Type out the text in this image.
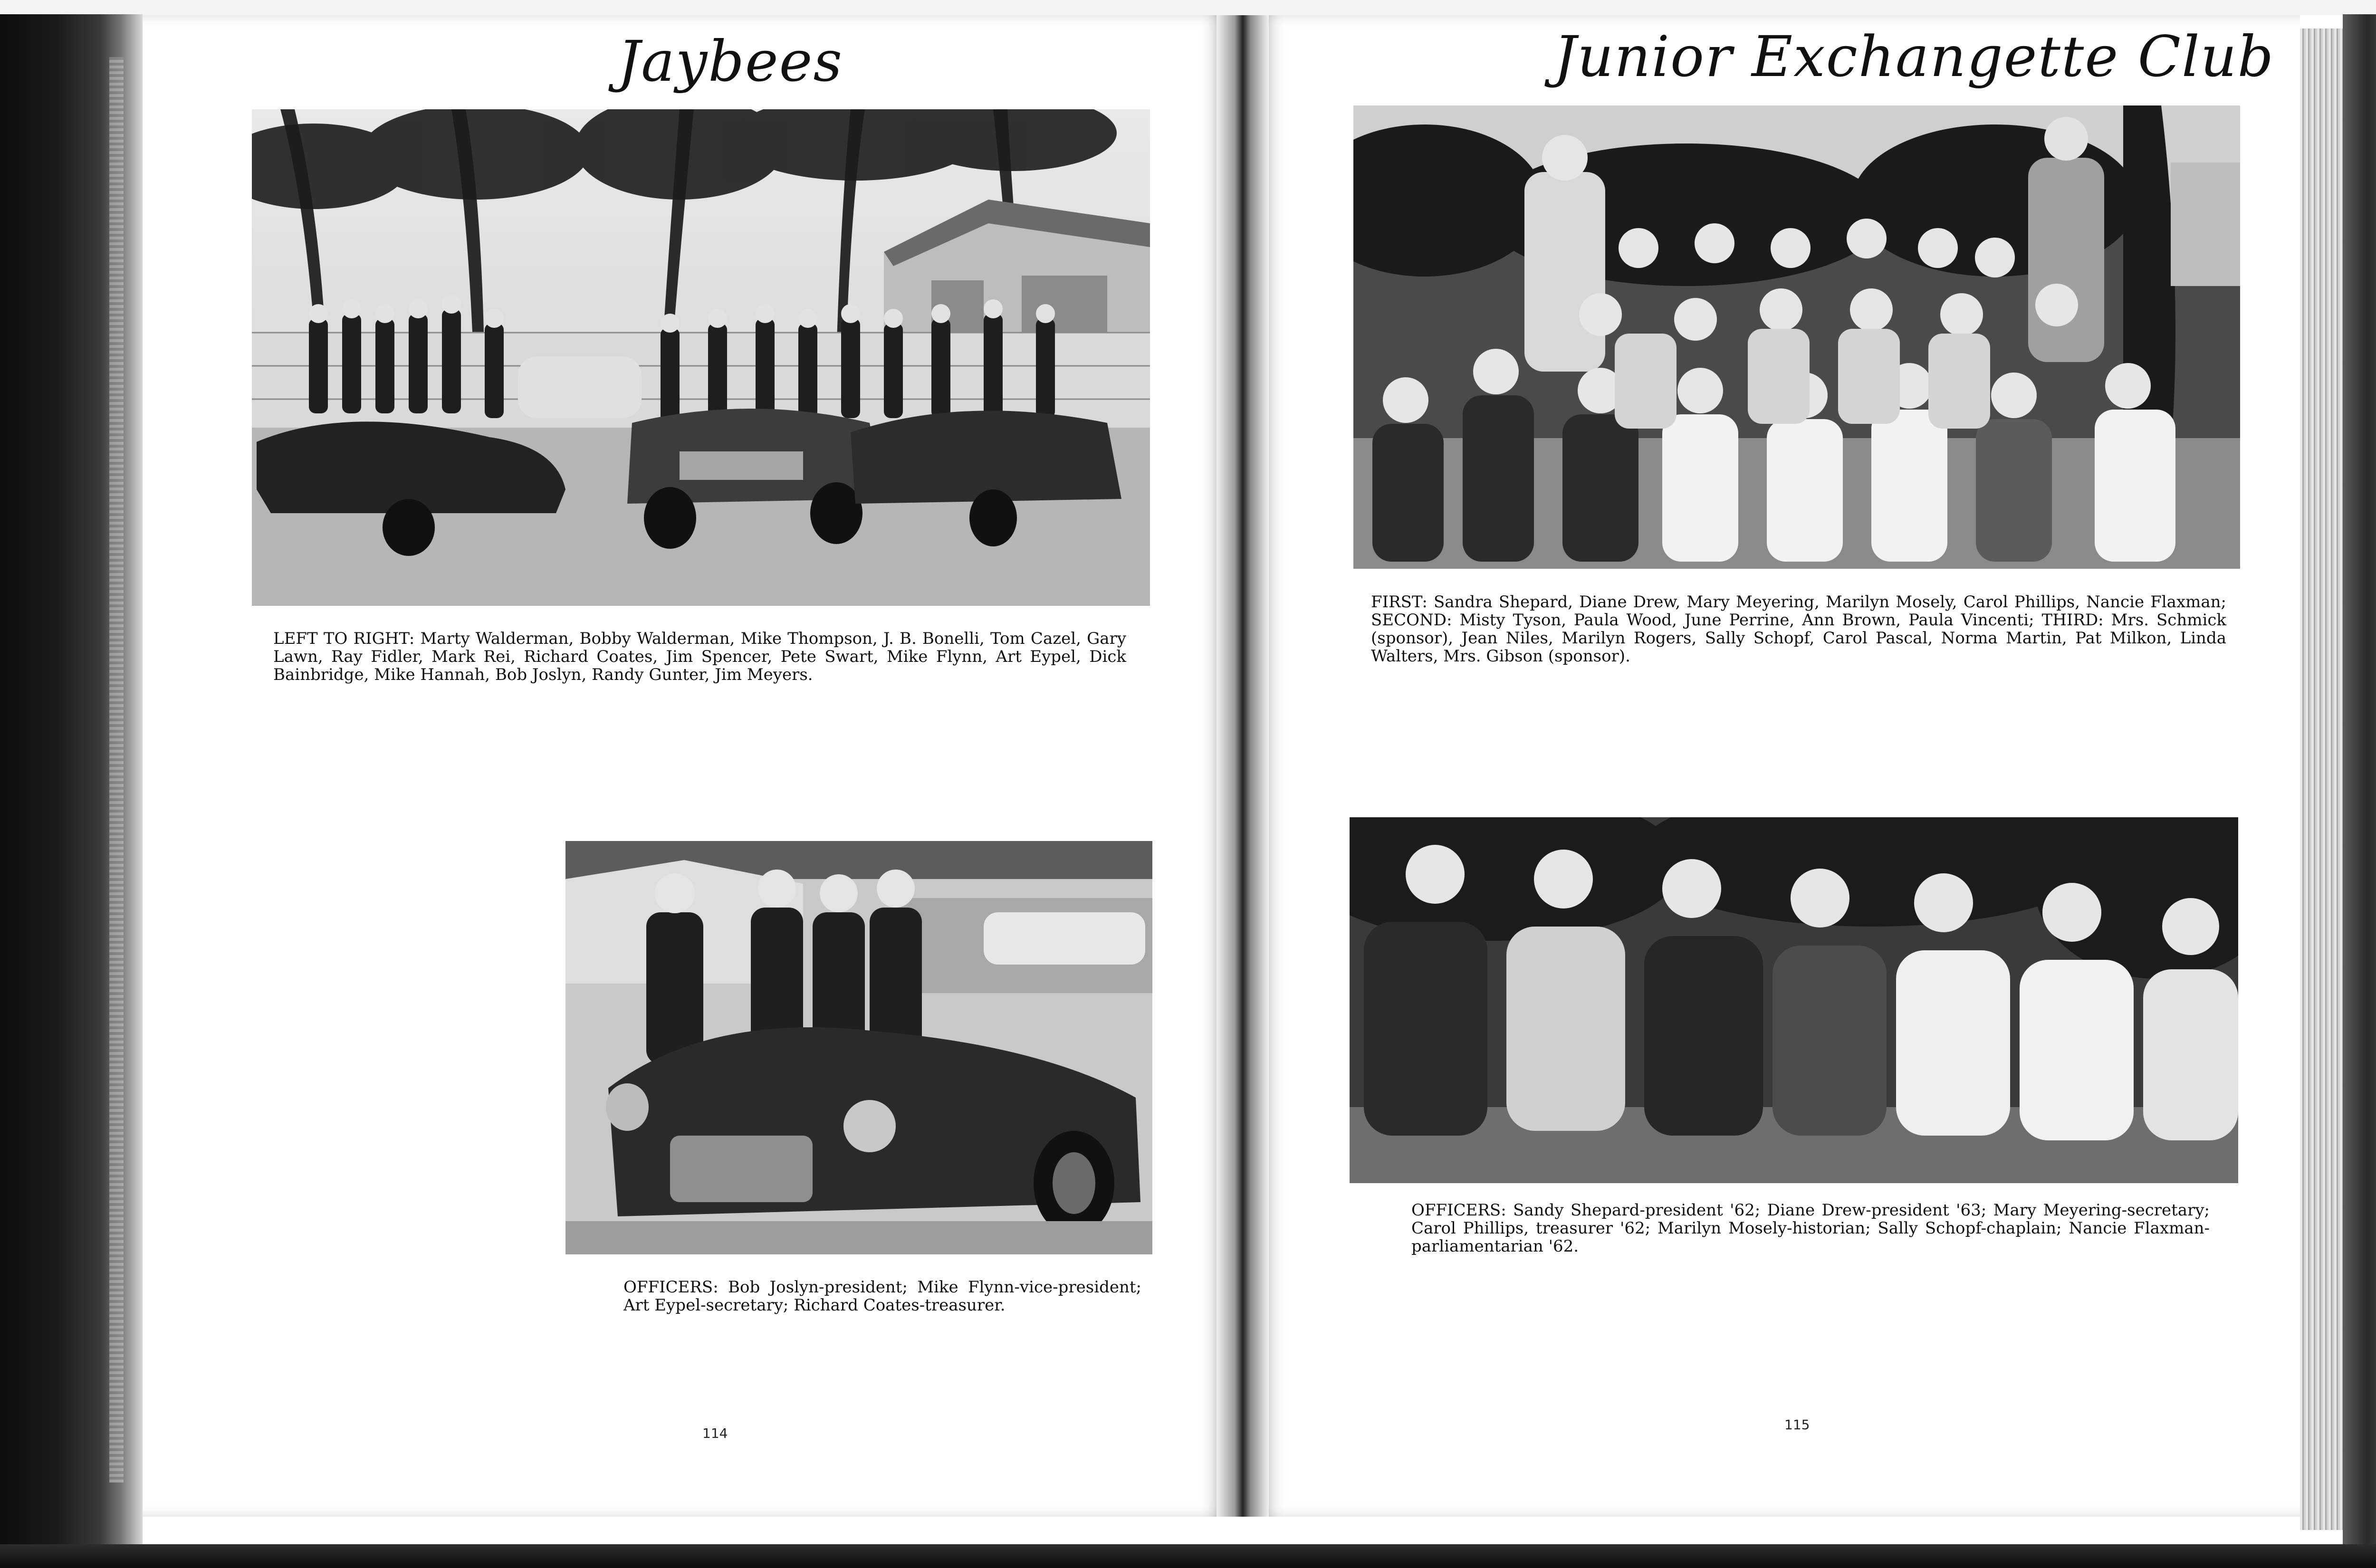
Jaybees
LEFT TO RIGHT: Marty Walderman, Bobby Walderman, Mike Thompson, J. B. Bonelli, Tom Cazel, Gary Lawn, Ray Fidler, Mark Rei, Richard Coates, Jim Spencer, Pete Swart, Mike Flynn, Art Eypel, Dick Bainbridge, Mike Hannah, Bob Joslyn, Randy Gunter, Jim Meyers.
OFFICERS: Bob Joslyn-president; Mike Flynn-vice-president; Art Eypel-secretary; Richard Coates-treasurer.
114
Junior Exchangette Club
FIRST: Sandra Shepard, Diane Drew, Mary Meyering, Marilyn Mosely, Carol Phillips, Nancie Flaxman; SECOND: Misty Tyson, Paula Wood, June Perrine, Ann Brown, Paula Vincenti; THIRD: Mrs. Schmick (sponsor), Jean Niles, Marilyn Rogers, Sally Schopf, Carol Pascal, Norma Martin, Pat Milkon, Linda Walters, Mrs. Gibson (sponsor).
OFFICERS: Sandy Shepard-president '62; Diane Drew-president '63; Mary Meyering-secretary; Carol Phillips, treasurer '62; Marilyn Mosely-historian; Sally Schopf-chaplain; Nancie Flaxman-parliamentarian '62.
115
